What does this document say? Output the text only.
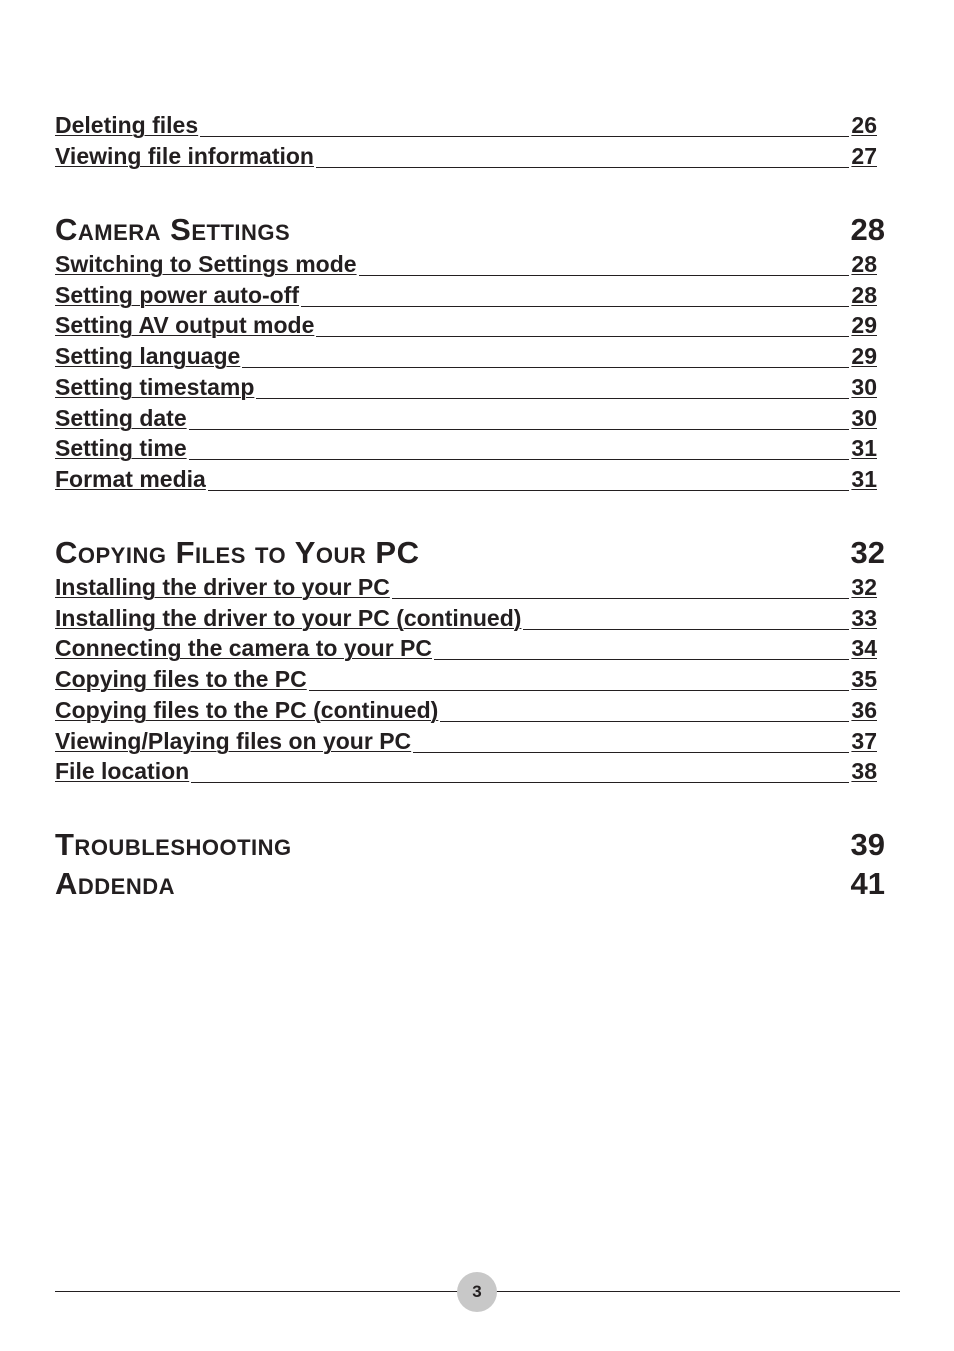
Deleting files	26
Viewing file information	27
Camera Settings	28
Switching to Settings mode	28
Setting power auto-off	28
Setting AV output mode	29
Setting language	29
Setting timestamp	30
Setting date	30
Setting time	31
Format media	31
Copying Files to Your PC	32
Installing the driver to your PC	32
Installing the driver to your PC (continued)	33
Connecting the camera to your PC	34
Copying files to the PC	35
Copying files to the PC (continued)	36
Viewing/Playing files on your PC	37
File location	38
Troubleshooting	39
Addenda	41
3
